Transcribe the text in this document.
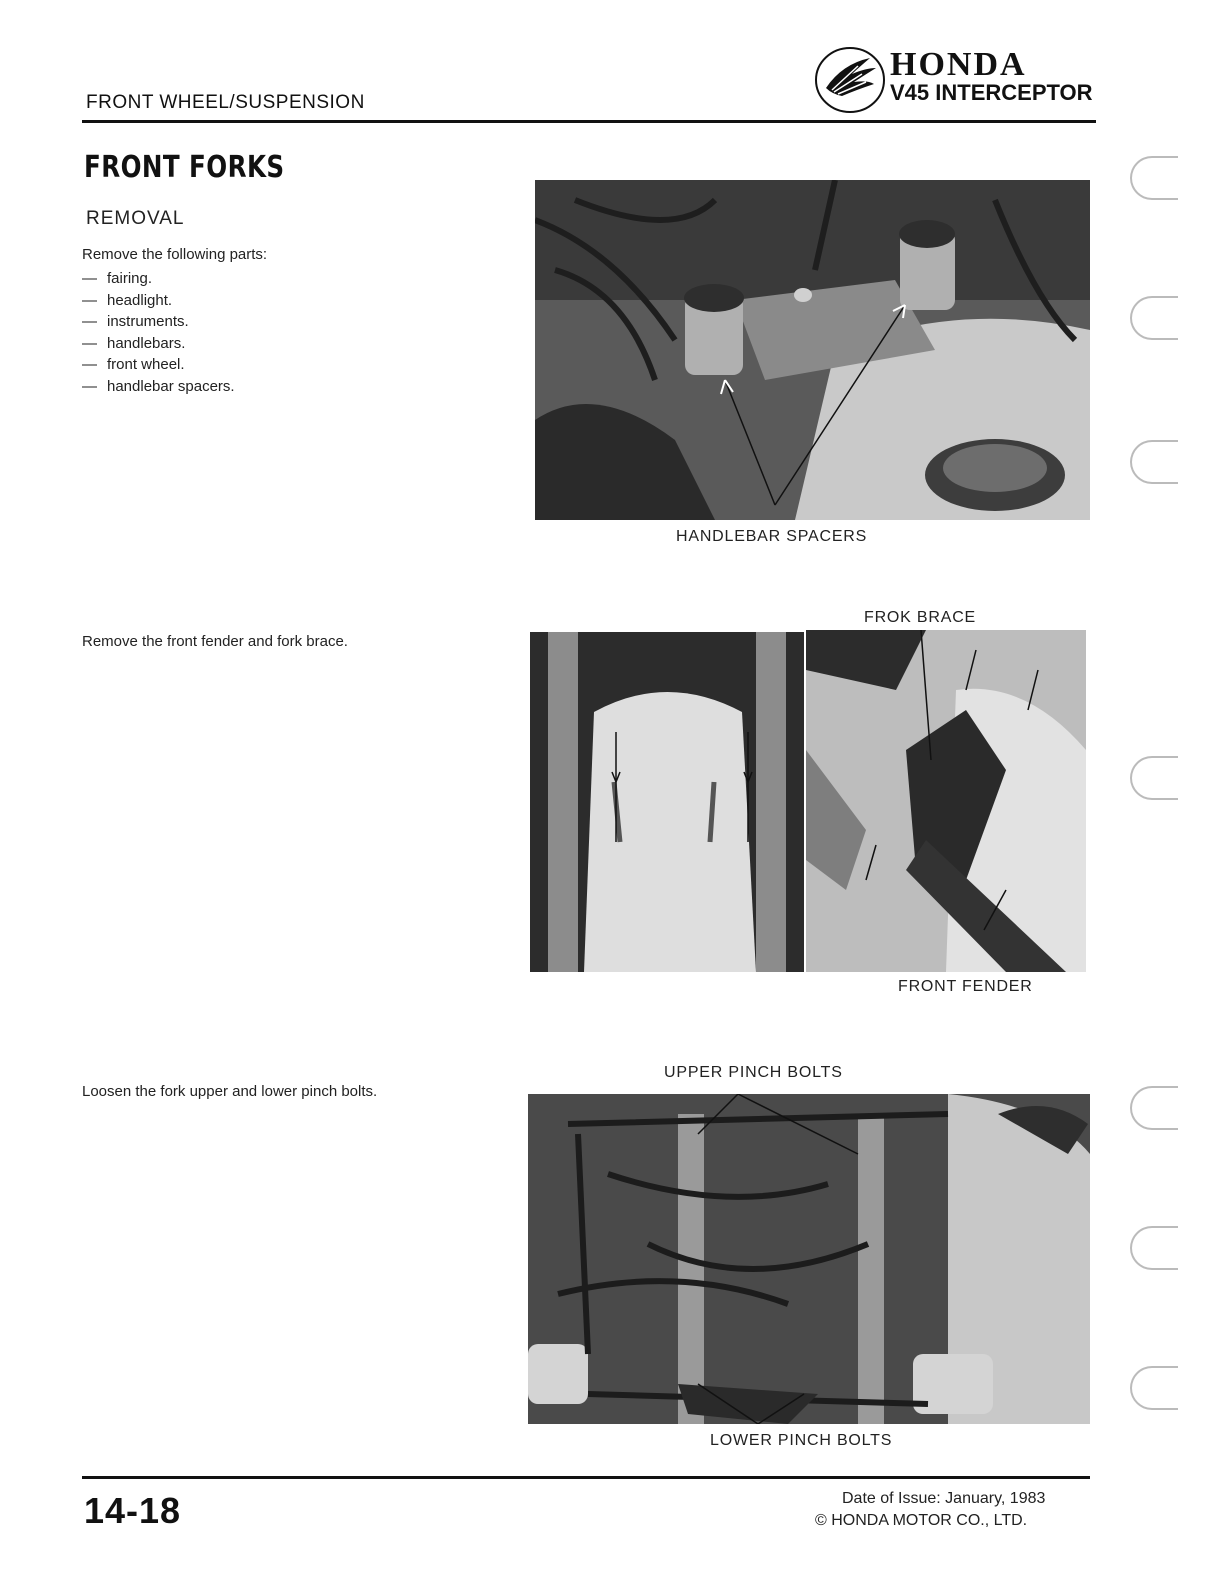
FRONT WHEEL/SUSPENSION
HONDA
V45 INTERCEPTOR
FRONT FORKS
REMOVAL
Remove the following parts:
— fairing.
— headlight.
— instruments.
— handlebars.
— front wheel.
— handlebar spacers.
HANDLEBAR SPACERS
Remove the front fender and fork brace.
FROK BRACE
FRONT FENDER
Loosen the fork upper and lower pinch bolts.
UPPER PINCH BOLTS
LOWER PINCH BOLTS
14-18	Date of Issue: January, 1983
© HONDA MOTOR CO., LTD.
